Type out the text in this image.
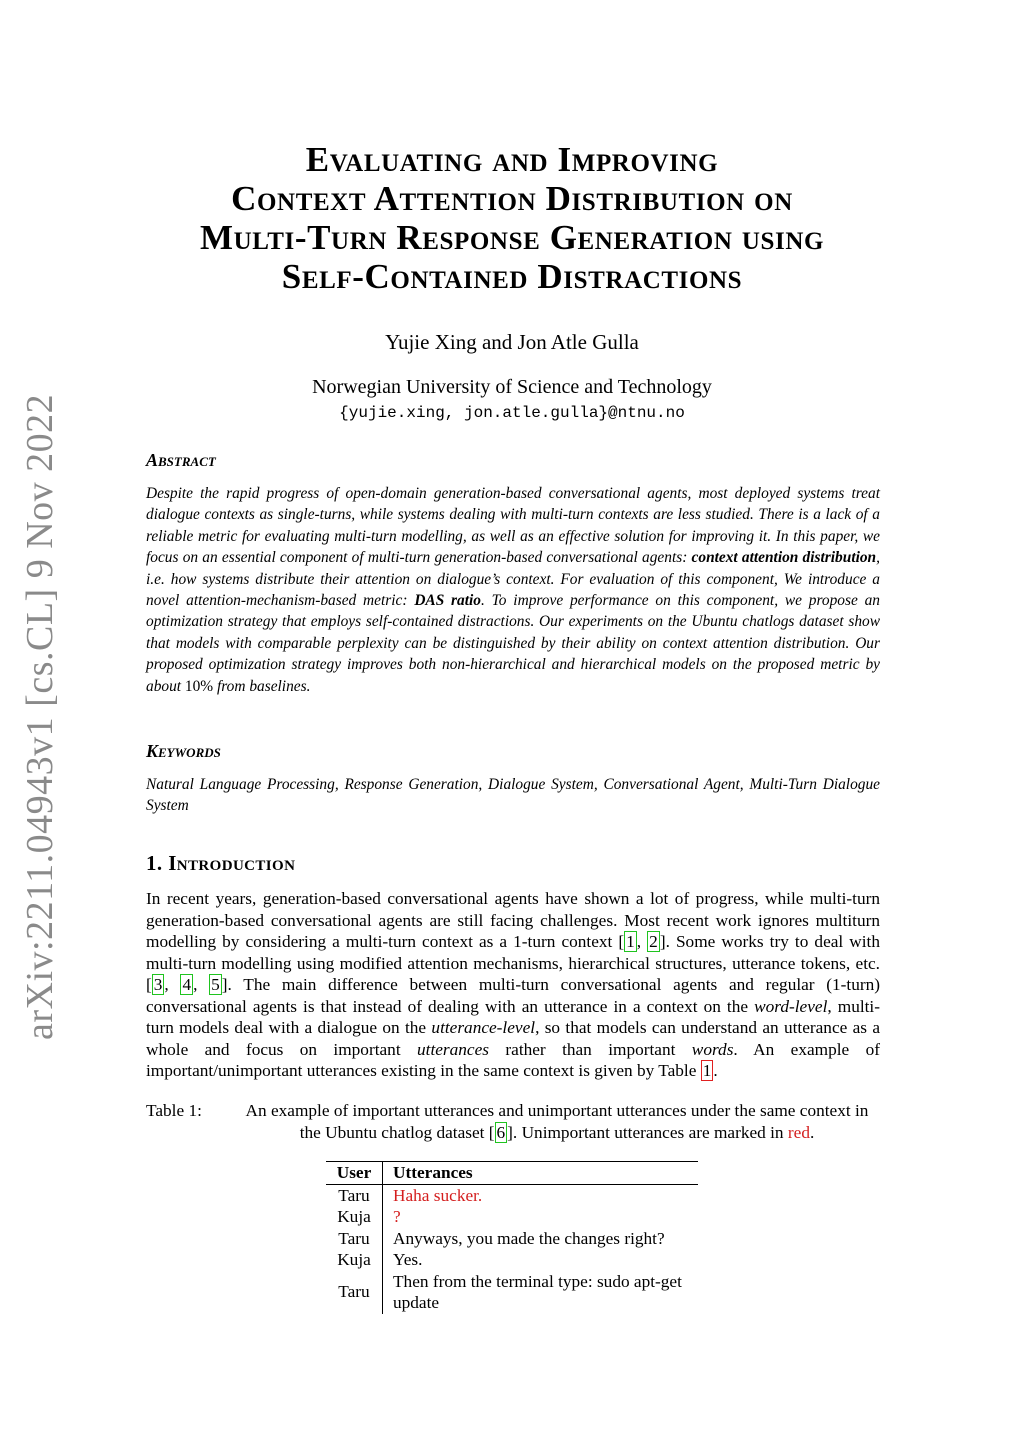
arXiv:2211.04943v1 [cs.CL] 9 Nov 2022
Evaluating and Improving
Context Attention Distribution on
Multi-Turn Response Generation using
Self-Contained Distractions
Yujie Xing and Jon Atle Gulla
Norwegian University of Science and Technology
{yujie.xing, jon.atle.gulla}@ntnu.no
Abstract
Despite the rapid progress of open-domain generation-based conversational agents, most deployed systems treat dialogue contexts as single-turns, while systems dealing with multi-turn contexts are less studied. There is a lack of a reliable metric for evaluating multi-turn modelling, as well as an effective solution for improving it. In this paper, we focus on an essential component of multi-turn generation-based conversational agents: context attention distribution, i.e. how systems distribute their attention on dialogue’s context. For evaluation of this component, We introduce a novel attention-mechanism-based metric: DAS ratio. To improve performance on this component, we propose an optimization strategy that employs self-contained distractions. Our experiments on the Ubuntu chatlogs dataset show that models with comparable perplexity can be distinguished by their ability on context attention distribution. Our proposed optimization strategy improves both non-hierarchical and hierarchical models on the proposed metric by about 10% from baselines.
Keywords
Natural Language Processing, Response Generation, Dialogue System, Conversational Agent, Multi-Turn Dialogue System
1. Introduction
In recent years, generation-based conversational agents have shown a lot of progress, while multi-turn generation-based conversational agents are still facing challenges. Most recent work ignores multiturn modelling by considering a multi-turn context as a 1-turn context [ 1 , 2 ]. Some works try to deal with multi-turn modelling using modified attention mechanisms, hierarchical structures, utterance tokens, etc. [ 3 , 4 , 5 ]. The main difference between multi-turn conversational agents and regular (1-turn) conversational agents is that instead of dealing with an utterance in a context on the word-level, multi-turn models deal with a dialogue on the utterance-level, so that models can understand an utterance as a whole and focus on important utterances rather than important words. An example of important/unimportant utterances existing in the same context is given by Table 1 .
Table 1:	An example of important utterances and unimportant utterances under the same context in the Ubuntu chatlog dataset [ 6 ]. Unimportant utterances are marked in red.
User	Utterances
Taru	Haha sucker.
Kuja	?
Taru	Anyways, you made the changes right?
Kuja	Yes.
Taru	Then from the terminal type: sudo apt-get update
